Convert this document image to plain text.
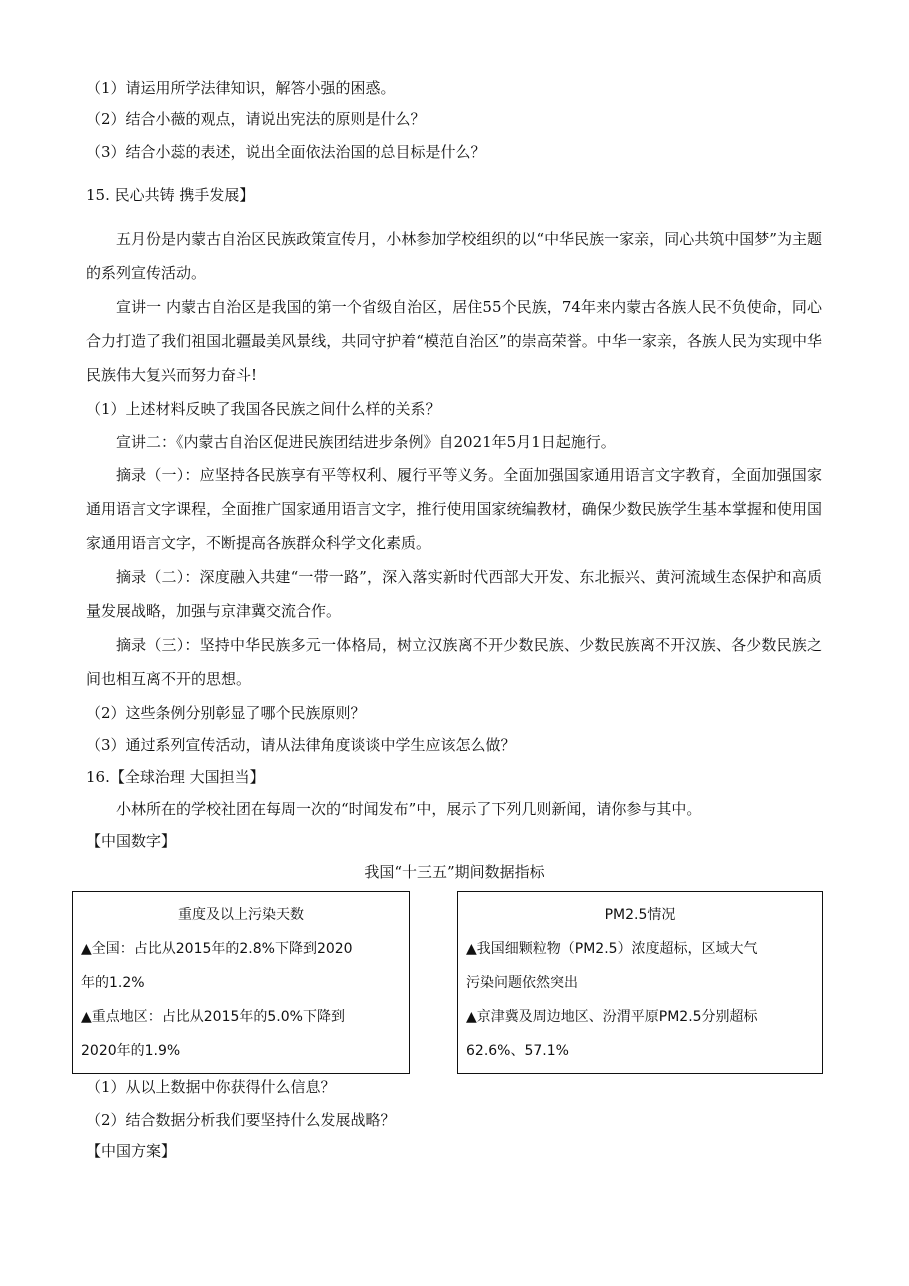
（1）请运用所学法律知识，解答小强的困惑。
（2）结合小薇的观点，请说出宪法的原则是什么？
（3）结合小蕊的表述，说出全面依法治国的总目标是什么？
15. 民心共铸 携手发展】
五月份是内蒙古自治区民族政策宣传月，小林参加学校组织的以“中华民族一家亲，同心共筑中国梦”为主题的系列宣传活动。
宣讲一 内蒙古自治区是我国的第一个省级自治区，居住55个民族，74年来内蒙古各族人民不负使命，同心合力打造了我们祖国北疆最美风景线，共同守护着“模范自治区”的崇高荣誉。中华一家亲，各族人民为实现中华民族伟大复兴而努力奋斗!
（1）上述材料反映了我国各民族之间什么样的关系？
宣讲二：《内蒙古自治区促进民族团结进步条例》自2021年5月1日起施行。
摘录（一）：应坚持各民族享有平等权利、履行平等义务。全面加强国家通用语言文字教育，全面加强国家通用语言文字课程，全面推广国家通用语言文字，推行使用国家统编教材，确保少数民族学生基本掌握和使用国家通用语言文字，不断提高各族群众科学文化素质。
摘录（二）：深度融入共建“一带一路”，深入落实新时代西部大开发、东北振兴、黄河流域生态保护和高质量发展战略，加强与京津冀交流合作。
摘录（三）：坚持中华民族多元一体格局，树立汉族离不开少数民族、少数民族离不开汉族、各少数民族之间也相互离不开的思想。
（2）这些条例分别彰显了哪个民族原则？
（3）通过系列宣传活动，请从法律角度谈谈中学生应该怎么做？
16.【全球治理 大国担当】
小林所在的学校社团在每周一次的“时闻发布”中，展示了下列几则新闻，请你参与其中。
【中国数字】
我国“十三五”期间数据指标
重度及以上污染天数

▲全国：占比从2015年的2.8%下降到2020

年的1.2%

▲重点地区：占比从2015年的5.0%下降到

2020年的1.9%

PM2.5情况

▲我国细颗粒物（PM2.5）浓度超标，区域大气

污染问题依然突出

▲京津冀及周边地区、汾渭平原PM2.5分别超标

62.6%、57.1%

（1）从以上数据中你获得什么信息？
（2）结合数据分析我们要坚持什么发展战略？
【中国方案】
